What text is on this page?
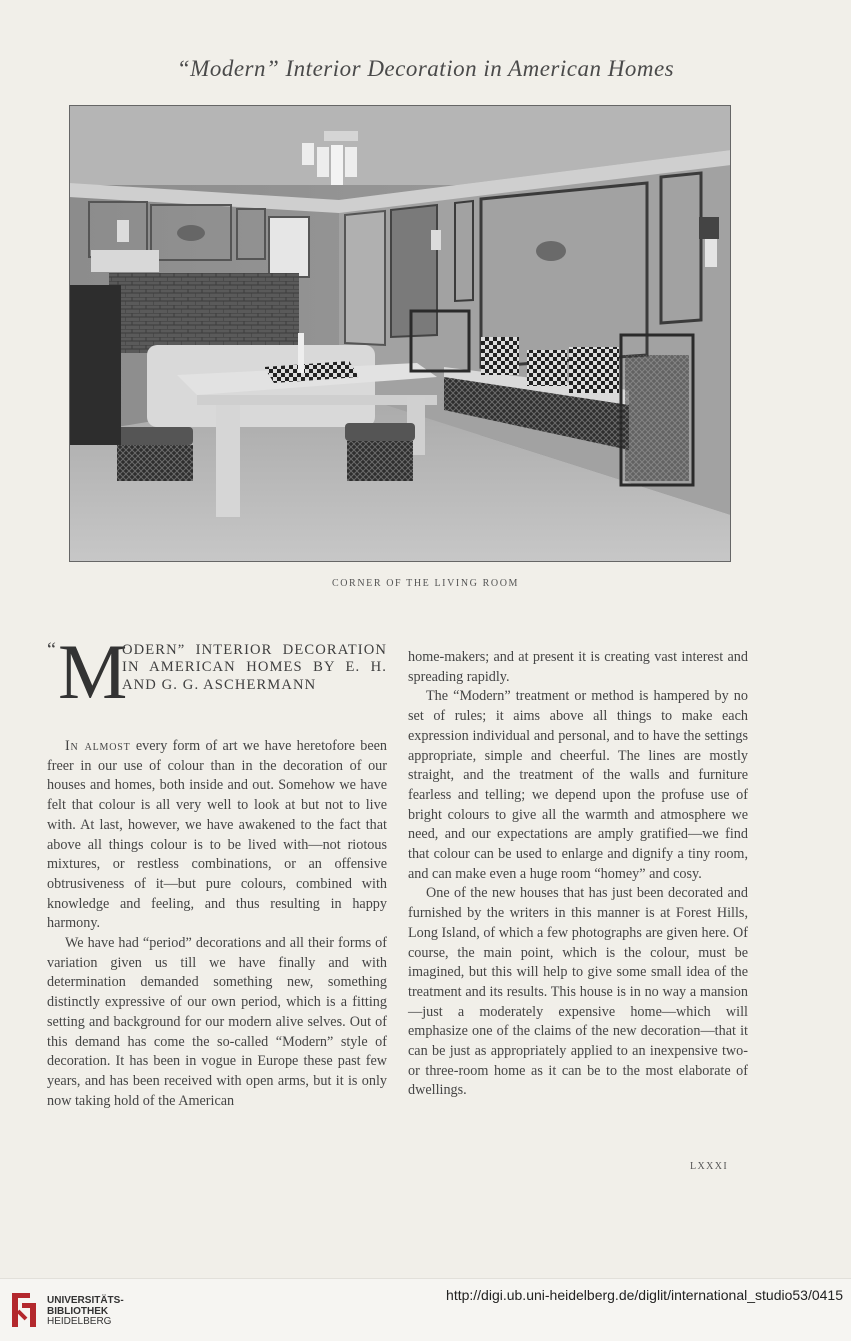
“Modern” Interior Decoration in American Homes
CORNER OF THE LIVING ROOM
“ M
ODERN” INTERIOR DECORATION IN AMERICAN HOMES BY E. H. AND G. G. ASCHERMANN

In almost every form of art we have heretofore been freer in our use of colour than in the decoration of our houses and homes, both inside and out. Somehow we have felt that colour is all very well to look at but not to live with. At last, however, we have awakened to the fact that above all things colour is to be lived with—not riotous mixtures, or restless combinations, or an offensive obtrusiveness of it—but pure colours, combined with knowledge and feeling, and thus resulting in happy harmony.

We have had “period” decorations and all their forms of variation given us till we have finally and with determination demanded something new, something distinctly expressive of our own period, which is a fitting setting and background for our modern alive selves. Out of this demand has come the so-called “Modern” style of decoration. It has been in vogue in Europe these past few years, and has been received with open arms, but it is only now taking hold of the American

home-makers; and at present it is creating vast interest and spreading rapidly.

The “Modern” treatment or method is hampered by no set of rules; it aims above all things to make each expression individual and personal, and to have the settings appropriate, simple and cheerful. The lines are mostly straight, and the treatment of the walls and furniture fearless and telling; we depend upon the profuse use of bright colours to give all the warmth and atmosphere we need, and our expectations are amply gratified—we find that colour can be used to enlarge and dignify a tiny room, and can make even a huge room “homey” and cosy.

One of the new houses that has just been decorated and furnished by the writers in this manner is at Forest Hills, Long Island, of which a few photographs are given here. Of course, the main point, which is the colour, must be imagined, but this will help to give some small idea of the treatment and its results. This house is in no way a mansion—just a moderately expensive home—which will emphasize one of the claims of the new decoration—that it can be just as appropriately applied to an inexpensive two- or three-room home as it can be to the most elaborate of dwellings.

LXXXI
UNIVERSITÄTS-
BIBLIOTHEK
HEIDELBERG
http://digi.ub.uni-heidelberg.de/diglit/international_studio53/0415
